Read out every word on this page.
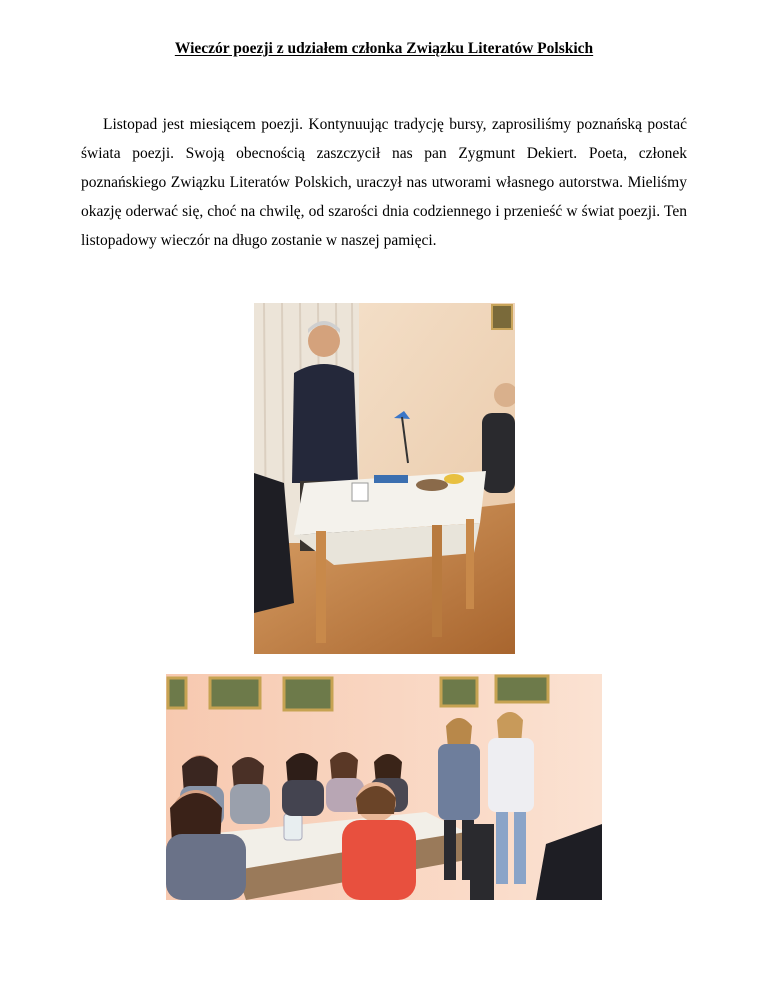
Wieczór poezji z udziałem członka Związku Literatów Polskich

Listopad jest miesiącem poezji. Kontynuując tradycję bursy, zaprosiliśmy poznańską postać świata poezji. Swoją obecnością zaszczycił nas pan Zygmunt Dekiert. Poeta, członek poznańskiego Związku Literatów Polskich, uraczył nas utworami własnego autorstwa. Mieliśmy okazję oderwać się, choć na chwilę, od szarości dnia codziennego i przenieść w świat poezji. Ten listopadowy wieczór na długo zostanie w naszej pamięci.
